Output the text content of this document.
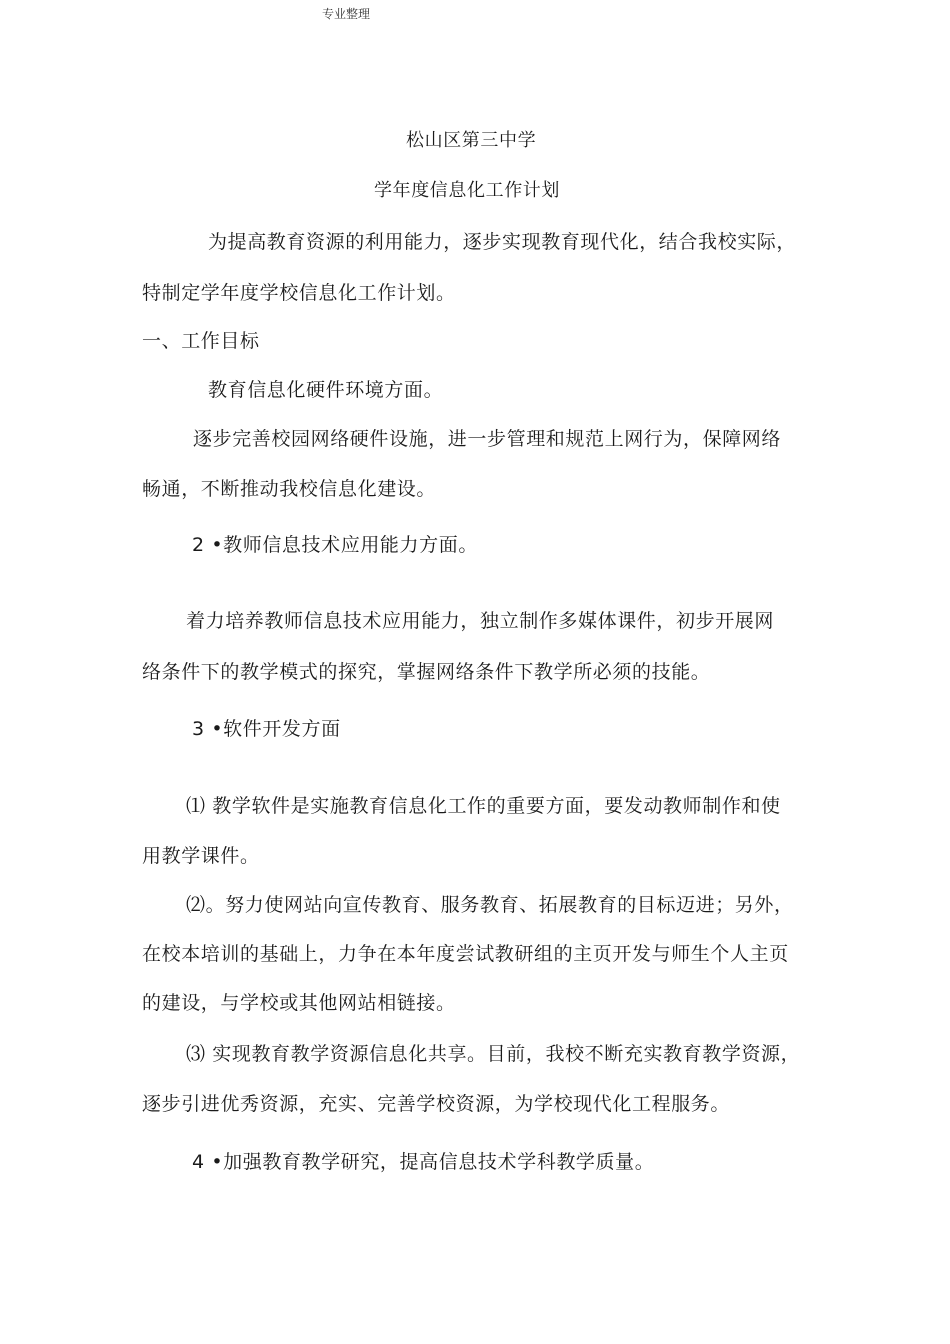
专业整理
松山区第三中学
学年度信息化工作计划
为提高教育资源的利用能力，逐步实现教育现代化，结合我校实际，
特制定学年度学校信息化工作计划。
一、工作目标
教育信息化硬件环境方面。
逐步完善校园网络硬件设施，进一步管理和规范上网行为，保障网络
畅通，不断推动我校信息化建设。
2 •教师信息技术应用能力方面。
着力培养教师信息技术应用能力，独立制作多媒体课件，初步开展网
络条件下的教学模式的探究，掌握网络条件下教学所必须的技能。
3 •软件开发方面
⑴ 教学软件是实施教育信息化工作的重要方面，要发动教师制作和使
用教学课件。
⑵。努力使网站向宣传教育、服务教育、拓展教育的目标迈进；另外，
在校本培训的基础上，力争在本年度尝试教研组的主页开发与师生个人主页
的建设，与学校或其他网站相链接。
⑶ 实现教育教学资源信息化共享。目前，我校不断充实教育教学资源，
逐步引进优秀资源，充实、完善学校资源，为学校现代化工程服务。
4 •加强教育教学研究，提高信息技术学科教学质量。
